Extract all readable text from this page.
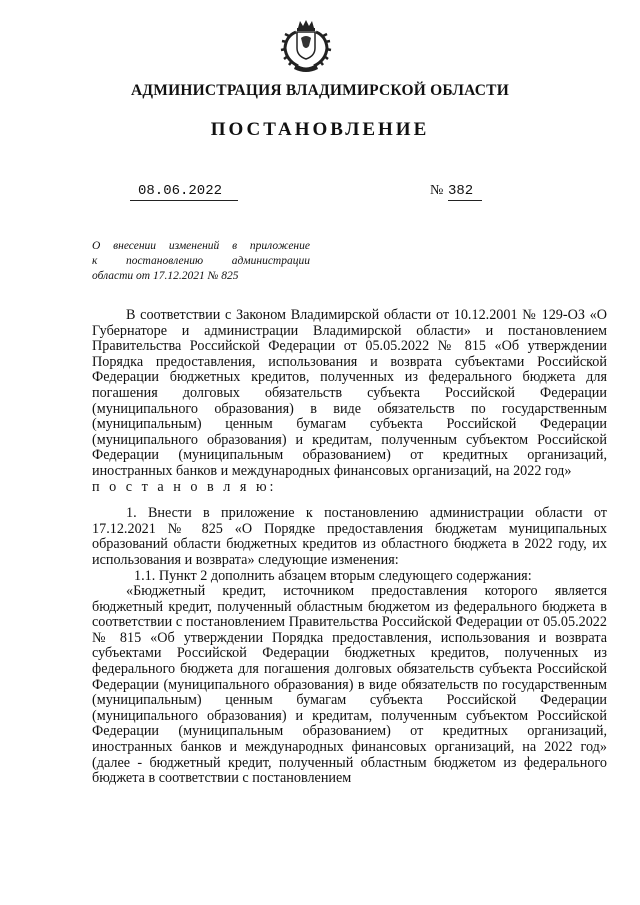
АДМИНИСТРАЦИЯ ВЛАДИМИРСКОЙ ОБЛАСТИ
ПОСТАНОВЛЕНИЕ
08.06.2022	№ 382
О внесении изменений в приложение
к постановлению администрации
области от 17.12.2021 № 825

В соответствии с Законом Владимирской области от 10.12.2001 № 129-ОЗ «О Губернаторе и администрации Владимирской области» и постановлением Правительства Российской Федерации от 05.05.2022 № 815 «Об утверждении Порядка предоставления, использования и возврата субъектами Российской Федерации бюджетных кредитов, полученных из федерального бюджета для погашения долговых обязательств субъекта Российской Федерации (муниципального образования) в виде обязательств по государственным (муниципальным) ценным бумагам субъекта Российской Федерации (муниципального образования) и кредитам, полученным субъектом Российской Федерации (муниципальным образованием) от кредитных организаций, иностранных банков и международных финансовых организаций, на 2022 год»

п о с т а н о в л я ю:

1. Внести в приложение к постановлению администрации области от 17.12.2021 № 825 «О Порядке предоставления бюджетам муниципальных образований области бюджетных кредитов из областного бюджета в 2022 году, их использования и возврата» следующие изменения:

1.1. Пункт 2 дополнить абзацем вторым следующего содержания:

«Бюджетный кредит, источником предоставления которого является бюджетный кредит, полученный областным бюджетом из федерального бюджета в соответствии с постановлением Правительства Российской Федерации от 05.05.2022 № 815 «Об утверждении Порядка предоставления, использования и возврата субъектами Российской Федерации бюджетных кредитов, полученных из федерального бюджета для погашения долговых обязательств субъекта Российской Федерации (муниципального образования) в виде обязательств по государственным (муниципальным) ценным бумагам субъекта Российской Федерации (муниципального образования) и кредитам, полученным субъектом Российской Федерации (муниципальным образованием) от кредитных организаций, иностранных банков и международных финансовых организаций, на 2022 год» (далее - бюджетный кредит, полученный областным бюджетом из федерального бюджета в соответствии с постановлением
